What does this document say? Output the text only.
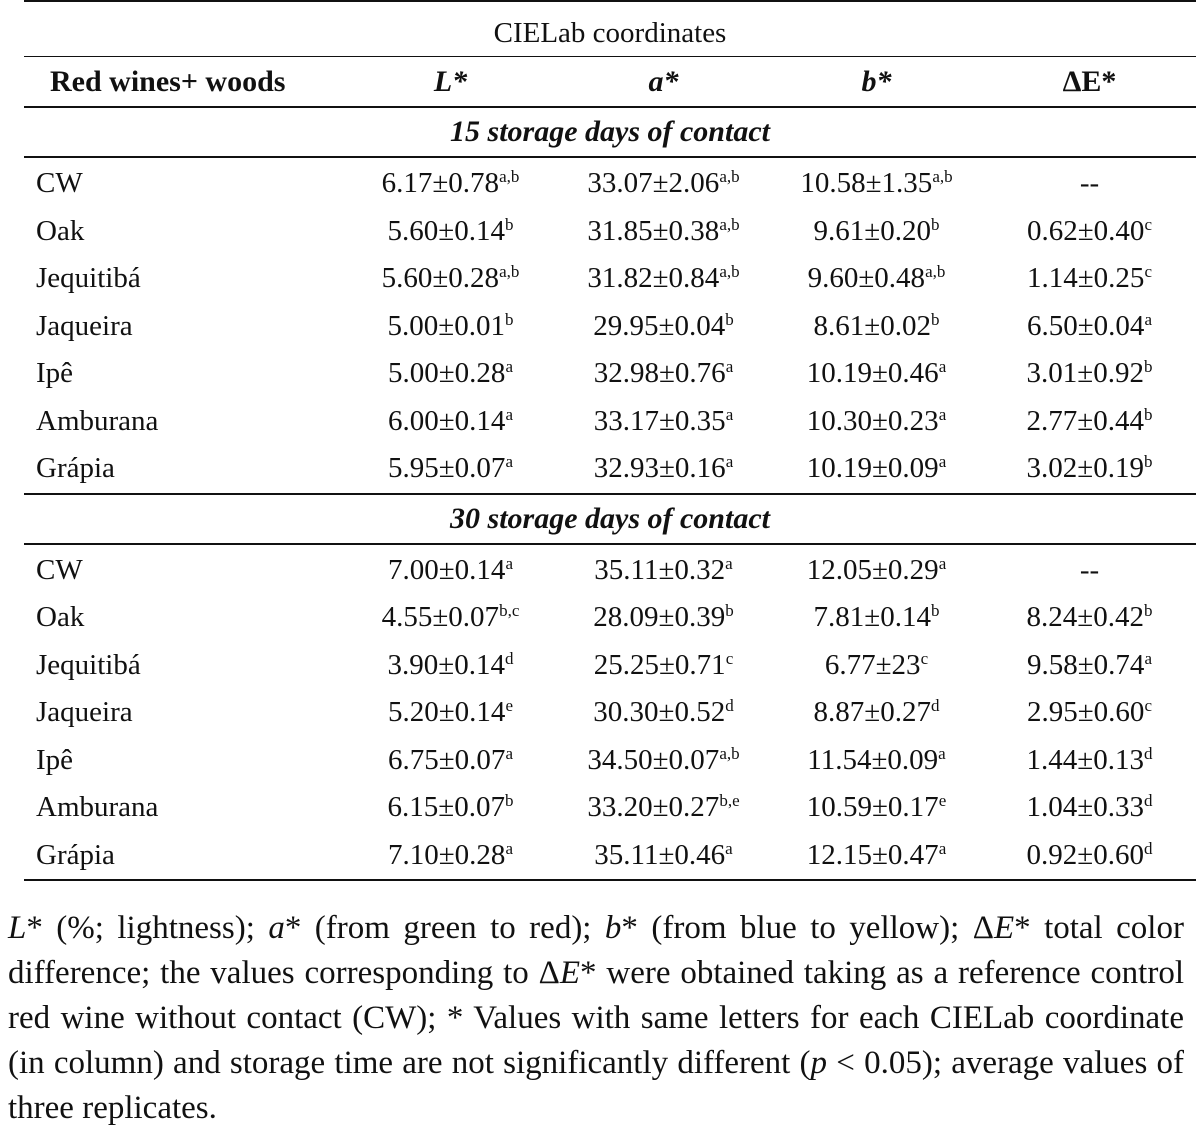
CIELab coordinates				
Red wines+ woods	L*	a*	b*	ΔE*
15 storage days of contact				
CW	$6.17\pm 0.78^{a,b}$	$33.07\pm 2.06^{a,b}$	$10.58\pm 1.35^{a,b}$	--
Oak	5.60±0.14$^b$	$31.85\pm 0.38^{a,b}$	9.61±0.20$^b$	0.62±0.40$^c$
Jequitibá	$5.60\pm 0.28^{a,b}$	$31.82\pm 0.84^{a,b}$	$9.60\pm 0.48^{a,b}$	1.14±0.25$^c$
Jaqueira	5.00±0.01$^b$	29.95±0.04$^b$	8.61±0.02$^b$	6.50±0.04$^a$
Ipê	5.00±0.28$^a$	32.98±0.76$^a$	10.19±0.46$^a$	3.01±0.92$^b$
Amburana	6.00±0.14$^a$	33.17±0.35$^a$	10.30±0.23$^a$	2.77±0.44$^b$
Grápia	5.95±0.07$^a$	32.93±0.16$^a$	10.19±0.09$^a$	3.02±0.19$^b$
30 storage days of contact				
CW	7.00±0.14$^a$	35.11±0.32$^a$	12.05±0.29$^a$	--
Oak	$4.55\pm 0.07^{b,c}$	28.09±0.39$^b$	7.81±0.14$^b$	8.24±0.42$^b$
Jequitibá	3.90±0.14$^d$	25.25±0.71$^c$	$6.77\pm 23^c$	9.58±0.74$^a$
Jaqueira	5.20±0.14$^e$	30.30±0.52$^d$	8.87±0.27$^d$	2.95±0.60$^c$
Ipê	6.75±0.07$^a$	$34.50\pm 0.07^{a,b}$	11.54±0.09$^a$	1.44±0.13$^d$
Amburana	6.15±0.07$^b$	$33.20\pm 0.27^{b,e}$	10.59±0.17$^e$	1.04±0.33$^d$
Grápia	7.10±0.28$^a$	35.11±0.46$^a$	12.15±0.47$^a$	0.92±0.60$^d$
L* (%; lightness); a* (from green to red); b* (from blue to yellow); ΔE* total color difference; the values corresponding to ΔE* were obtained taking as a reference control red wine without contact (CW); * Values with same letters for each CIELab coordinate (in column) and storage time are not significantly different (p < 0.05); average values of three replicates.
